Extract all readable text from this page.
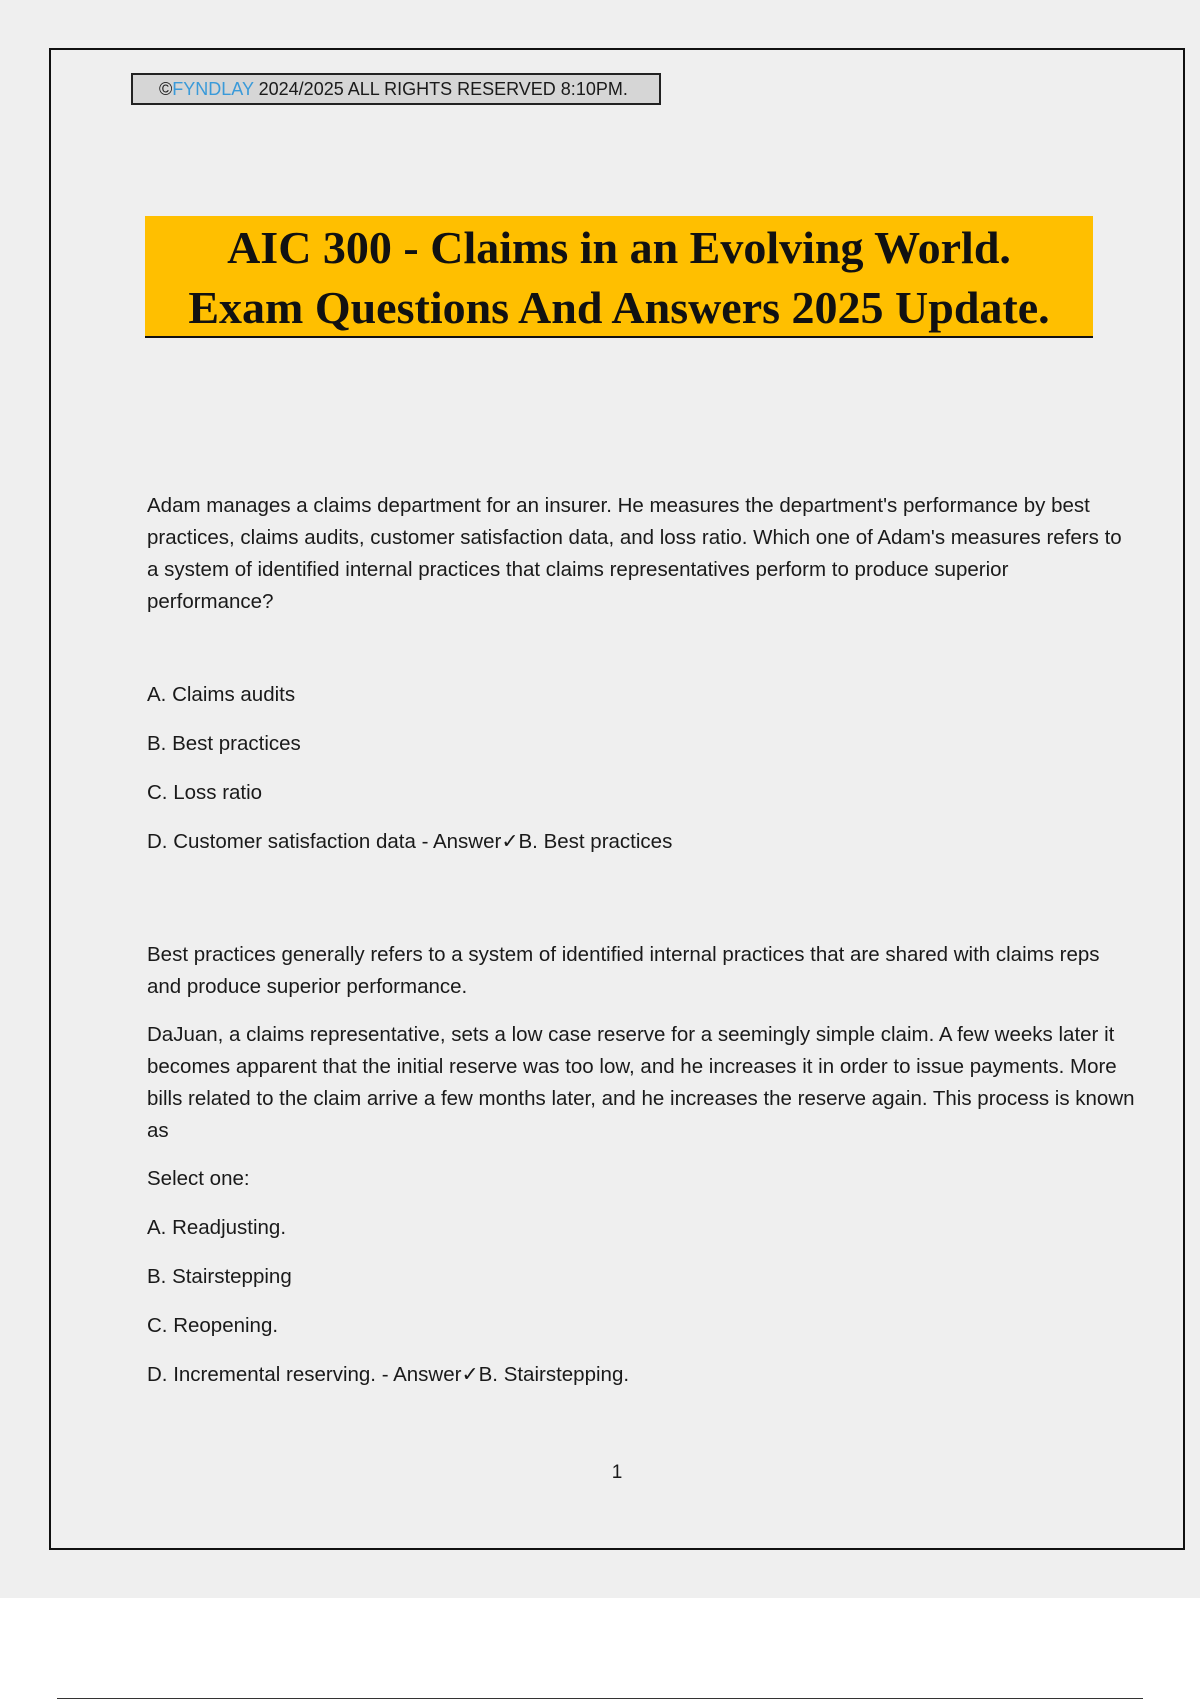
©FYNDLAY 2024/2025 ALL RIGHTS RESERVED 8:10PM.
AIC 300 - Claims in an Evolving World.
Exam Questions And Answers 2025 Update.

Adam manages a claims department for an insurer. He measures the department's performance by best practices, claims audits, customer satisfaction data, and loss ratio. Which one of Adam's measures refers to a system of identified internal practices that claims representatives perform to produce superior performance?

A. Claims audits

B. Best practices

C. Loss ratio

D. Customer satisfaction data - Answer✓B. Best practices

Best practices generally refers to a system of identified internal practices that are shared with claims reps and produce superior performance.

DaJuan, a claims representative, sets a low case reserve for a seemingly simple claim. A few weeks later it becomes apparent that the initial reserve was too low, and he increases it in order to issue payments. More bills related to the claim arrive a few months later, and he increases the reserve again. This process is known as

Select one:

A. Readjusting.

B. Stairstepping

C. Reopening.

D. Incremental reserving. - Answer✓B. Stairstepping.

1
